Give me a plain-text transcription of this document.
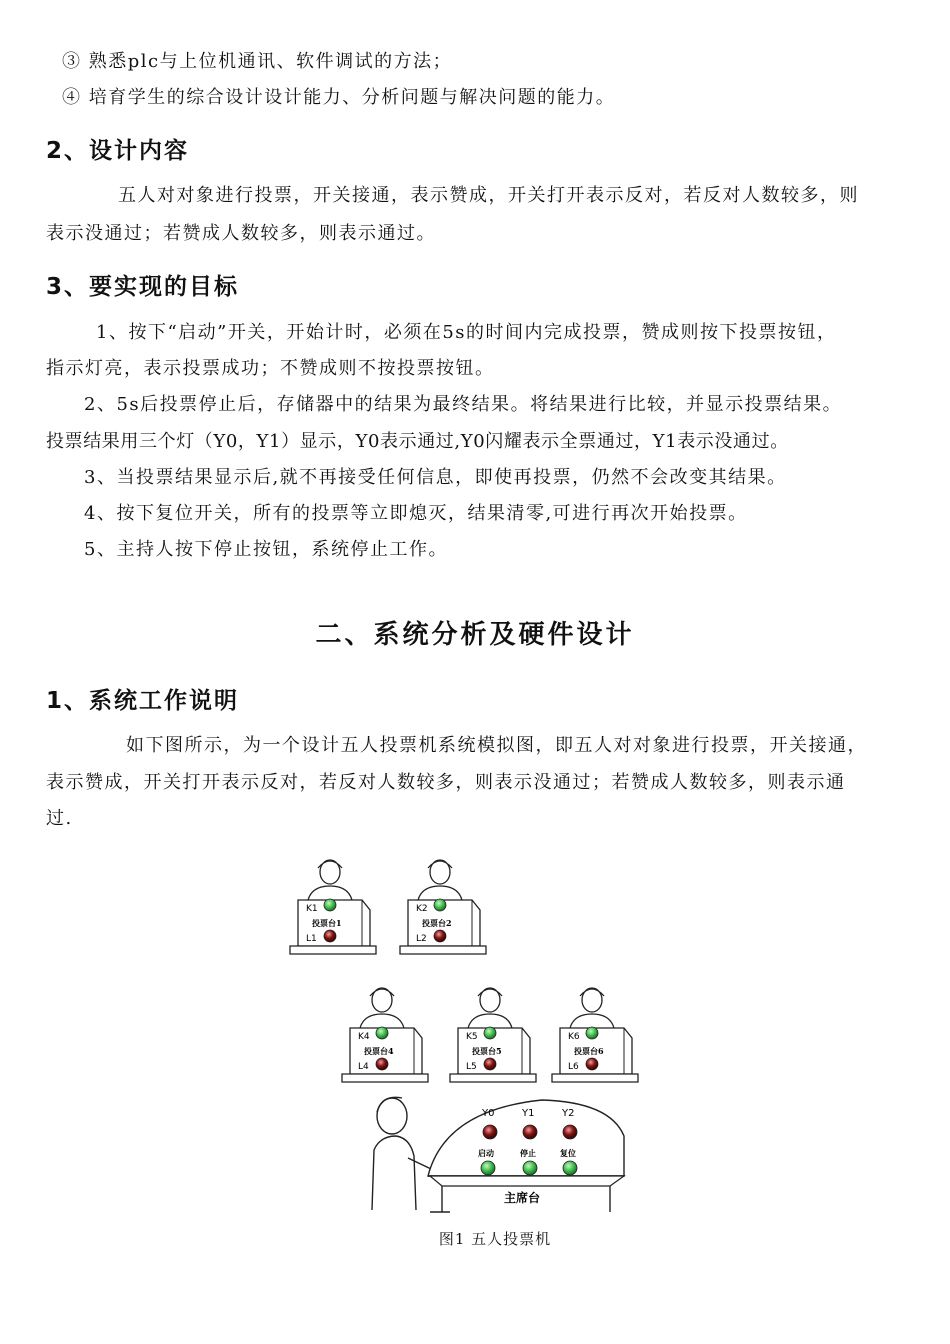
③ 熟悉plc与上位机通讯、软件调试的方法；
④ 培育学生的综合设计设计能力、分析问题与解决问题的能力。
2、设计内容
五人对对象进行投票，开关接通，表示赞成，开关打开表示反对，若反对人数较多，则
表示没通过；若赞成人数较多，则表示通过。
3、要实现的目标
1、按下“启动”开关，开始计时，必须在5s的时间内完成投票，赞成则按下投票按钮，
指示灯亮，表示投票成功；不赞成则不按投票按钮。
2、5s后投票停止后，存储器中的结果为最终结果。将结果进行比较，并显示投票结果。
投票结果用三个灯（Y0，Y1）显示，Y0表示通过,Y0闪耀表示全票通过，Y1表示没通过。
3、当投票结果显示后,就不再接受任何信息，即使再投票，仍然不会改变其结果。
4、按下复位开关，所有的投票等立即熄灭，结果清零,可进行再次开始投票。
5、主持人按下停止按钮，系统停止工作。
二、系统分析及硬件设计
1、系统工作说明
如下图所示，为一个设计五人投票机系统模拟图，即五人对对象进行投票，开关接通，
表示赞成，开关打开表示反对，若反对人数较多，则表示没通过；若赞成人数较多，则表示通
过.
K1
投票台1
L1
K2
投票台2
L2
K4
投票台4
L4
K5
投票台5
L5
K6
投票台6
L6
Y0	Y1	Y2
启动	停止	复位
主席台
图1 五人投票机
